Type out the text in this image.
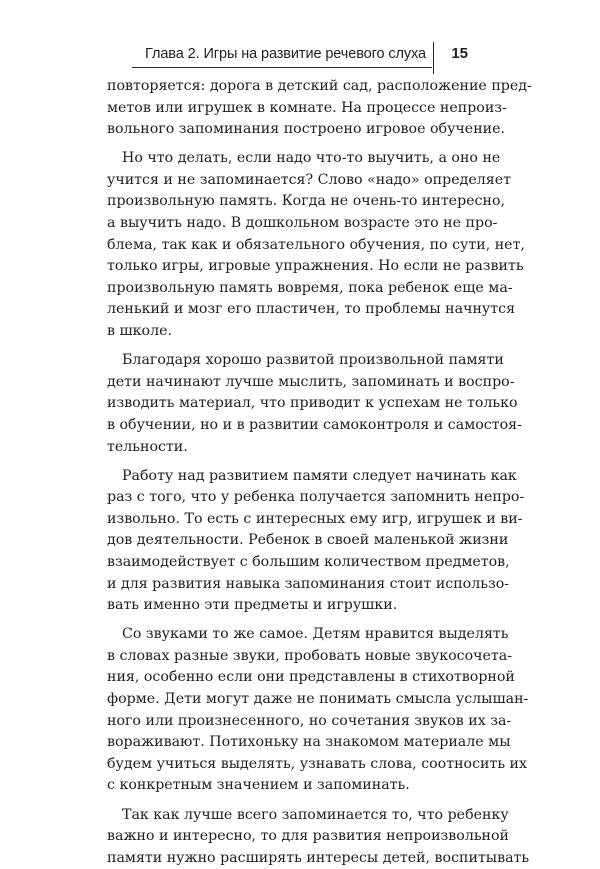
Глава 2. Игры на развитие речевого слуха 15
повторяется: дорога в детский сад, расположение пред-
метов или игрушек в комнате. На процессе непроиз-
вольного запоминания построено игровое обучение.
Но что делать, если надо что-то выучить, а оно не
учится и не запоминается? Слово «надо» определяет
произвольную память. Когда не очень-то интересно,
а выучить надо. В дошкольном возрасте это не про-
блема, так как и обязательного обучения, по сути, нет,
только игры, игровые упражнения. Но если не развить
произвольную память вовремя, пока ребенок еще ма-
ленький и мозг его пластичен, то проблемы начнутся
в школе.
Благодаря хорошо развитой произвольной памяти
дети начинают лучше мыслить, запоминать и воспро-
изводить материал, что приводит к успехам не только
в обучении, но и в развитии самоконтроля и самостоя-
тельности.
Работу над развитием памяти следует начинать как
раз с того, что у ребенка получается запомнить непро-
извольно. То есть с интересных ему игр, игрушек и ви-
дов деятельности. Ребенок в своей маленькой жизни
взаимодействует с большим количеством предметов,
и для развития навыка запоминания стоит использо-
вать именно эти предметы и игрушки.
Со звуками то же самое. Детям нравится выделять
в словах разные звуки, пробовать новые звукосочета-
ния, особенно если они представлены в стихотворной
форме. Дети могут даже не понимать смысла услышан-
ного или произнесенного, но сочетания звуков их за-
вораживают. Потихоньку на знакомом материале мы
будем учиться выделять, узнавать слова, соотносить их
с конкретным значением и запоминать.
Так как лучше всего запоминается то, что ребенку
важно и интересно, то для развития непроизвольной
памяти нужно расширять интересы детей, воспитывать
